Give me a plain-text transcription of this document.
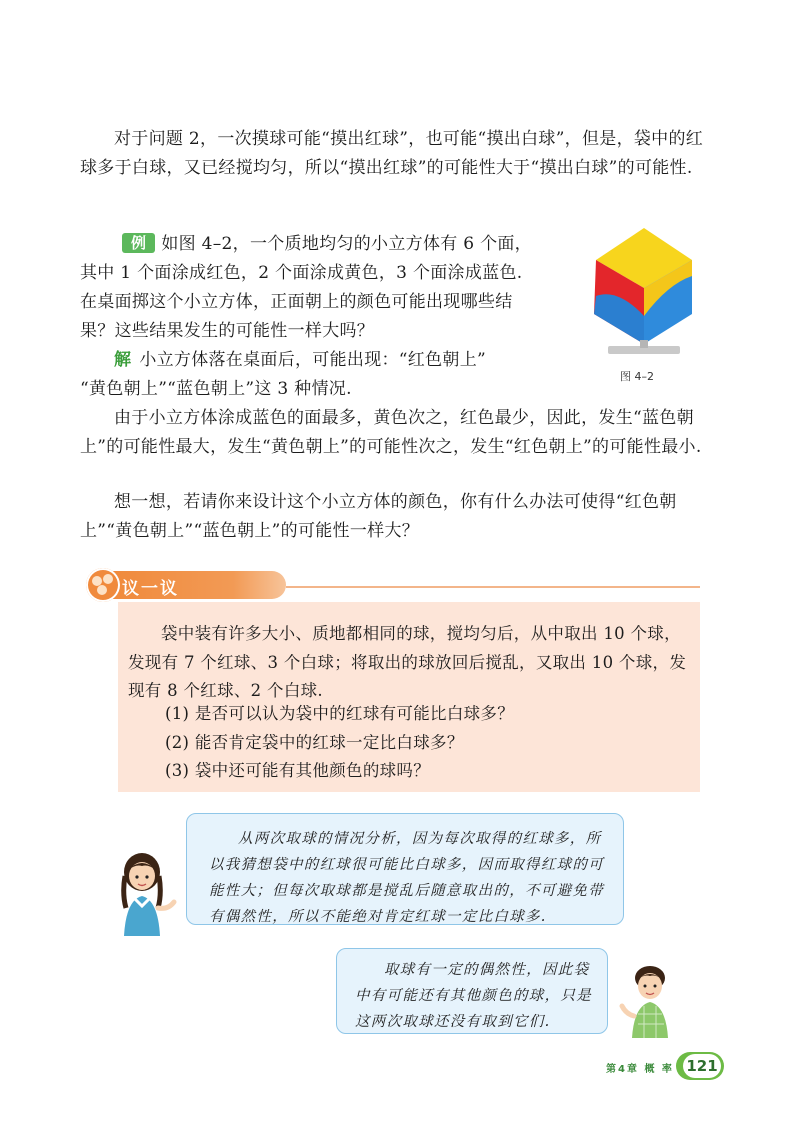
对于问题 2，一次摸球可能“摸出红球”，也可能“摸出白球”，但是，袋中的红球多于白球，又已经搅均匀，所以“摸出红球”的可能性大于“摸出白球”的可能性.

例 如图 4–2，一个质地均匀的小立方体有 6 个面，
其中 1 个面涂成红色，2 个面涂成黄色，3 个面涂成蓝色.
在桌面掷这个小立方体，正面朝上的颜色可能出现哪些结
果？这些结果发生的可能性一样大吗？
解 小立方体落在桌面后，可能出现：“红色朝上”
“黄色朝上”“蓝色朝上”这 3 种情况.
图 4–2

由于小立方体涂成蓝色的面最多，黄色次之，红色最少，因此，发生“蓝色朝上”的可能性最大，发生“黄色朝上”的可能性次之，发生“红色朝上”的可能性最小.

想一想，若请你来设计这个小立方体的颜色，你有什么办法可使得“红色朝上”“黄色朝上”“蓝色朝上”的可能性一样大？

议一议

袋中装有许多大小、质地都相同的球，搅均匀后，从中取出 10 个球，发现有 7 个红球、3 个白球；将取出的球放回后搅乱，又取出 10 个球，发现有 8 个红球、2 个白球.

(1) 是否可以认为袋中的红球有可能比白球多？
(2) 能否肯定袋中的红球一定比白球多？
(3) 袋中还可能有其他颜色的球吗？

从两次取球的情况分析，因为每次取得的红球多，所以我猜想袋中的红球很可能比白球多，因而取得红球的可能性大；但每次取球都是搅乱后随意取出的，不可避免带有偶然性，所以不能绝对肯定红球一定比白球多.

取球有一定的偶然性，因此袋中有可能还有其他颜色的球，只是这两次取球还没有取到它们.

第4章 概 率 121
